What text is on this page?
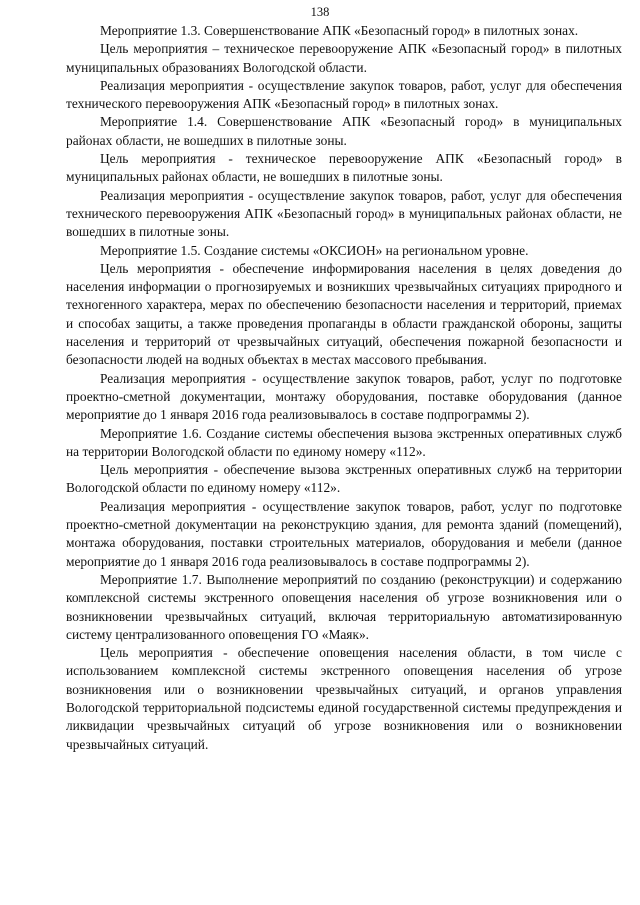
138

Мероприятие 1.3. Совершенствование АПК «Безопасный город» в пилотных зонах.

Цель мероприятия – техническое перевооружение АПК «Безопасный город» в пилотных муниципальных образованиях Вологодской области.

Реализация мероприятия - осуществление закупок товаров, работ, услуг для обеспечения технического перевооружения АПК «Безопасный город» в пилотных зонах.

Мероприятие 1.4. Совершенствование АПК «Безопасный город» в муниципальных районах области, не вошедших в пилотные зоны.

Цель мероприятия - техническое перевооружение АПК «Безопасный город» в муниципальных районах области, не вошедших в пилотные зоны.

Реализация мероприятия - осуществление закупок товаров, работ, услуг для обеспечения технического перевооружения АПК «Безопасный город» в муниципальных районах области, не вошедших в пилотные зоны.

Мероприятие 1.5. Создание системы «ОКСИОН» на региональном уровне.

Цель мероприятия - обеспечение информирования населения в целях доведения до населения информации о прогнозируемых и возникших чрезвычайных ситуациях природного и техногенного характера, мерах по обеспечению безопасности населения и территорий, приемах и способах защиты, а также проведения пропаганды в области гражданской обороны, защиты населения и территорий от чрезвычайных ситуаций, обеспечения пожарной безопасности и безопасности людей на водных объектах в местах массового пребывания.

Реализация мероприятия - осуществление закупок товаров, работ, услуг по подготовке проектно-сметной документации, монтажу оборудования, поставке оборудования (данное мероприятие до 1 января 2016 года реализовывалось в составе подпрограммы 2).

Мероприятие 1.6. Создание системы обеспечения вызова экстренных оперативных служб на территории Вологодской области по единому номеру «112».

Цель мероприятия - обеспечение вызова экстренных оперативных служб на территории Вологодской области по единому номеру «112».

Реализация мероприятия - осуществление закупок товаров, работ, услуг по подготовке проектно-сметной документации на реконструкцию здания, для ремонта зданий (помещений), монтажа оборудования, поставки строительных материалов, оборудования и мебели (данное мероприятие до 1 января 2016 года реализовывалось в составе подпрограммы 2).

Мероприятие 1.7. Выполнение мероприятий по созданию (реконструкции) и содержанию комплексной системы экстренного оповещения населения об угрозе возникновения или о возникновении чрезвычайных ситуаций, включая территориальную автоматизированную систему централизованного оповещения ГО «Маяк».

Цель мероприятия - обеспечение оповещения населения области, в том числе с использованием комплексной системы экстренного оповещения населения об угрозе возникновения или о возникновении чрезвычайных ситуаций, и органов управления Вологодской территориальной подсистемы единой государственной системы предупреждения и ликвидации чрезвычайных ситуаций об угрозе возникновения или о возникновении чрезвычайных ситуаций.
